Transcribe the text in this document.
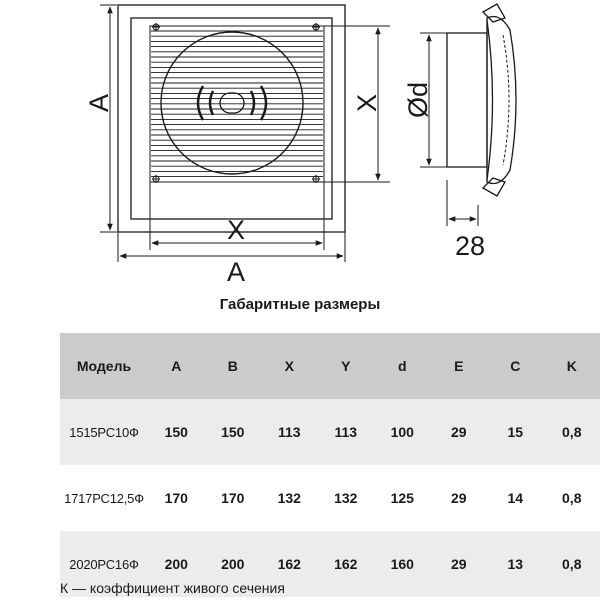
A	X
X
A
Ød
28
Габаритные размеры
Модель	A	B	X	Y	d	E	C	K
1515РС10Ф	150	150	113	113	100	29	15	0,8
1717РС12,5Ф	170	170	132	132	125	29	14	0,8
2020РС16Ф	200	200	162	162	160	29	13	0,8
К — коэффициент живого сечения
